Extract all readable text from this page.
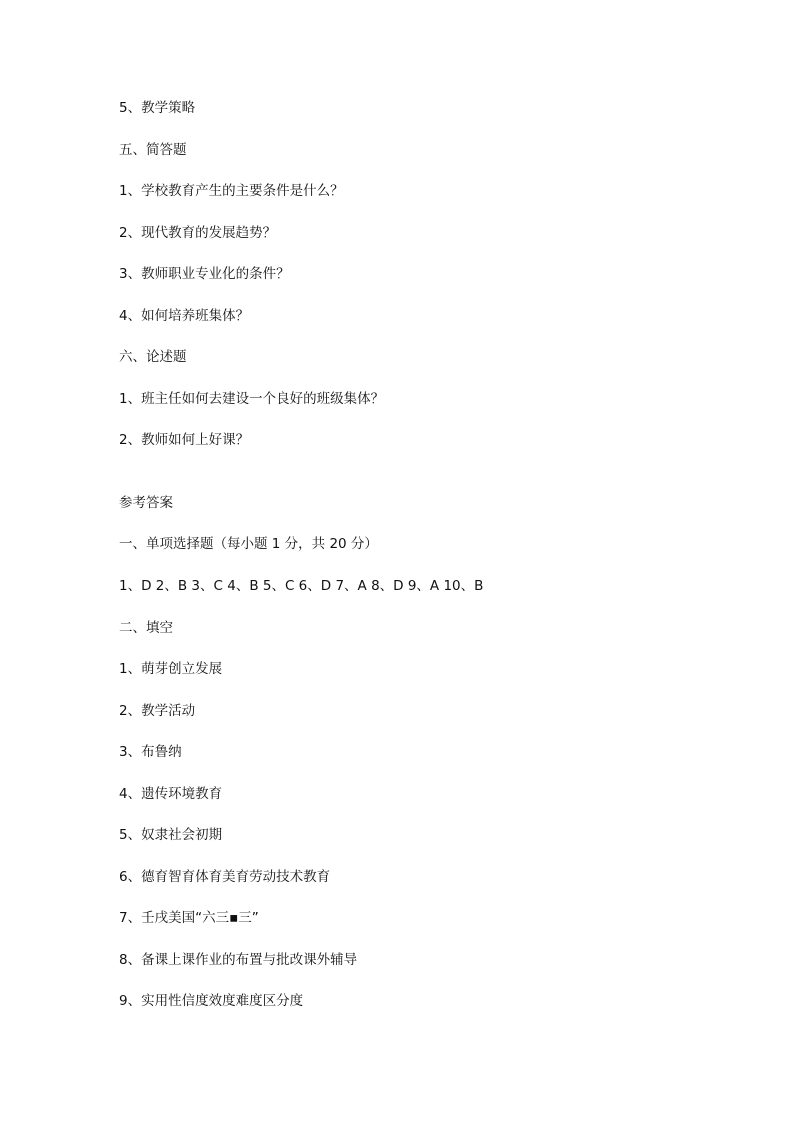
5、教学策略
五、简答题
1、学校教育产生的主要条件是什么？
2、现代教育的发展趋势？
3、教师职业专业化的条件？
4、如何培养班集体？
六、论述题
1、班主任如何去建设一个良好的班级集体？
2、教师如何上好课？
参考答案
一、单项选择题（每小题 1 分，共 20 分）
1、D 2、B 3、C 4、B 5、C 6、D 7、A 8、D 9、A 10、B
二、填空
1、萌芽创立发展
2、教学活动
3、布鲁纳
4、遗传环境教育
5、奴隶社会初期
6、德育智育体育美育劳动技术教育
7、壬戌美国“六三▪三”
8、备课上课作业的布置与批改课外辅导
9、实用性信度效度难度区分度
